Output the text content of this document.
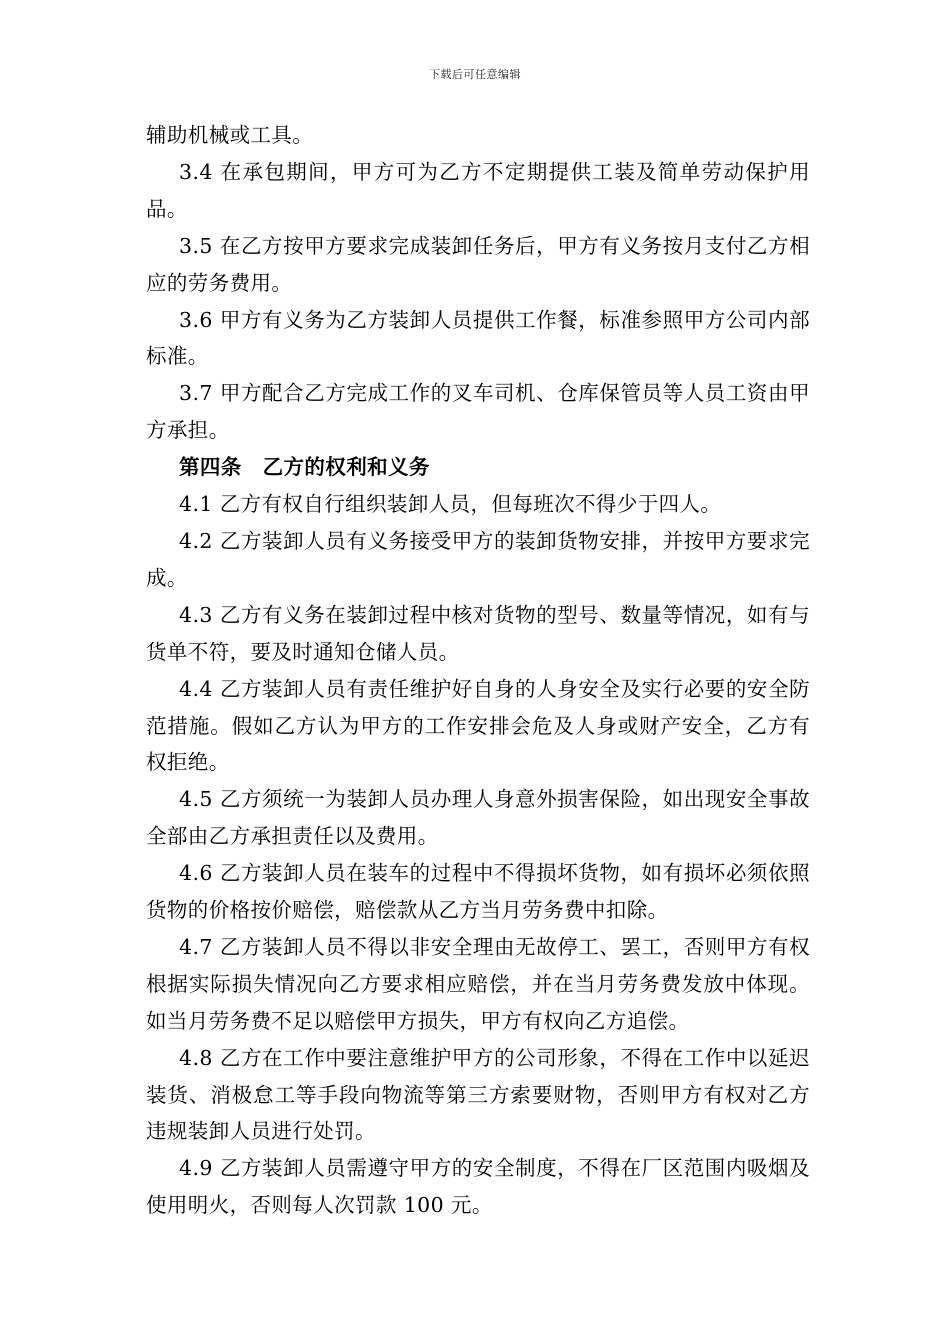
下载后可任意编辑

辅助机械或工具。

3.4 在承包期间，甲方可为乙方不定期提供工装及简单劳动保护用品。

3.5 在乙方按甲方要求完成装卸任务后，甲方有义务按月支付乙方相应的劳务费用。

3.6 甲方有义务为乙方装卸人员提供工作餐，标准参照甲方公司内部标准。

3.7 甲方配合乙方完成工作的叉车司机、仓库保管员等人员工资由甲方承担。

第四条　乙方的权利和义务

4.1 乙方有权自行组织装卸人员，但每班次不得少于四人。

4.2 乙方装卸人员有义务接受甲方的装卸货物安排，并按甲方要求完成。

4.3 乙方有义务在装卸过程中核对货物的型号、数量等情况，如有与货单不符，要及时通知仓储人员。

4.4 乙方装卸人员有责任维护好自身的人身安全及实行必要的安全防范措施。假如乙方认为甲方的工作安排会危及人身或财产安全，乙方有权拒绝。

4.5 乙方须统一为装卸人员办理人身意外损害保险，如出现安全事故全部由乙方承担责任以及费用。

4.6 乙方装卸人员在装车的过程中不得损坏货物，如有损坏必须依照货物的价格按价赔偿，赔偿款从乙方当月劳务费中扣除。

4.7 乙方装卸人员不得以非安全理由无故停工、罢工，否则甲方有权根据实际损失情况向乙方要求相应赔偿，并在当月劳务费发放中体现。如当月劳务费不足以赔偿甲方损失，甲方有权向乙方追偿。

4.8 乙方在工作中要注意维护甲方的公司形象，不得在工作中以延迟装货、消极怠工等手段向物流等第三方索要财物，否则甲方有权对乙方违规装卸人员进行处罚。

4.9 乙方装卸人员需遵守甲方的安全制度，不得在厂区范围内吸烟及使用明火，否则每人次罚款 100 元。
